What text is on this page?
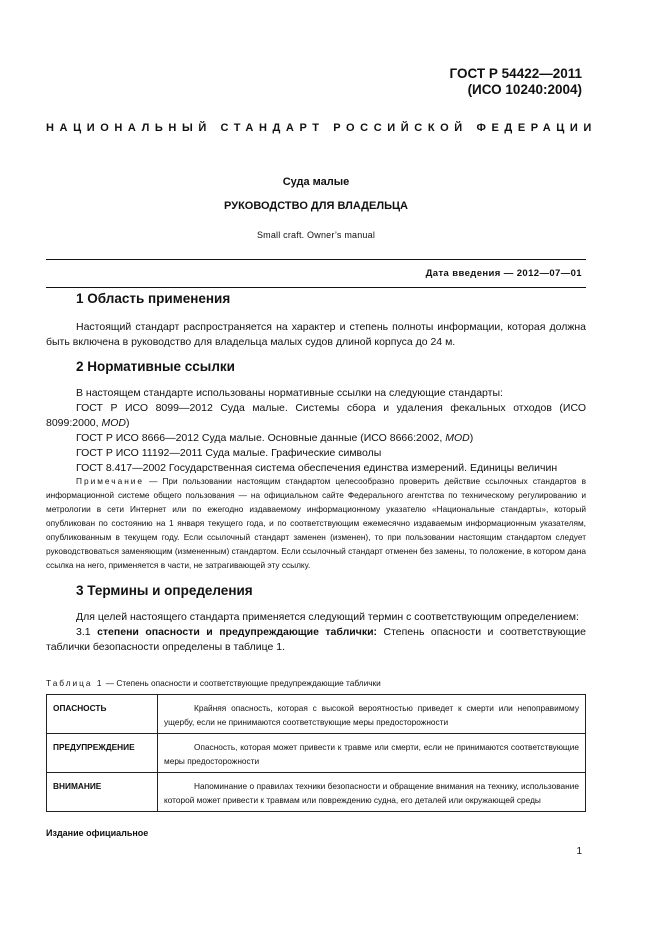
ГОСТ Р 54422—2011
(ИСО 10240:2004)
НАЦИОНАЛЬНЫЙ СТАНДАРТ РОССИЙСКОЙ ФЕДЕРАЦИИ
Суда малые
РУКОВОДСТВО ДЛЯ ВЛАДЕЛЬЦА
Small craft. Owner’s manual
Дата введения — 2012—07—01
1 Область применения

Настоящий стандарт распространяется на характер и степень полноты информации, которая должна быть включена в руководство для владельца малых судов длиной корпуса до 24 м.

2 Нормативные ссылки

В настоящем стандарте использованы нормативные ссылки на следующие стандарты:

ГОСТ Р ИСО 8099—2012 Суда малые. Системы сбора и удаления фекальных отходов (ИСО 8099:2000, MOD)

ГОСТ Р ИСО 8666—2012 Суда малые. Основные данные (ИСО 8666:2002, MOD)

ГОСТ Р ИСО 11192—2011 Суда малые. Графические символы

ГОСТ 8.417—2002 Государственная система обеспечения единства измерений. Единицы величин

Примечание — При пользовании настоящим стандартом целесообразно проверить действие ссылочных стандартов в информационной системе общего пользования — на официальном сайте Федерального агентства по техническому регулированию и метрологии в сети Интернет или по ежегодно издаваемому информационному указателю «Национальные стандарты», который опубликован по состоянию на 1 января текущего года, и по соответствующим ежемесячно издаваемым информационным указателям, опубликованным в текущем году. Если ссылочный стандарт заменен (изменен), то при пользовании настоящим стандартом следует руководствоваться заменяющим (измененным) стандартом. Если ссылочный стандарт отменен без замены, то положение, в котором дана ссылка на него, применяется в части, не затрагивающей эту ссылку.
3 Термины и определения

Для целей настоящего стандарта применяется следующий термин с соответствующим определением:

3.1 степени опасности и предупреждающие таблички: Степень опасности и соответствующие таблички безопасности определены в таблице 1.

Таблица 1 — Степень опасности и соответствующие предупреждающие таблички
ОПАСНОСТЬ	Крайняя опасность, которая с высокой вероятностью приведет к смерти или непоправимому ущербу, если не принимаются соответствующие меры предосторожности
ПРЕДУПРЕЖДЕНИЕ	Опасность, которая может привести к травме или смерти, если не принимаются соответствующие меры предосторожности
ВНИМАНИЕ	Напоминание о правилах техники безопасности и обращение внимания на технику, использование которой может привести к травмам или повреждению судна, его деталей или окружающей среды
Издание официальное
1
